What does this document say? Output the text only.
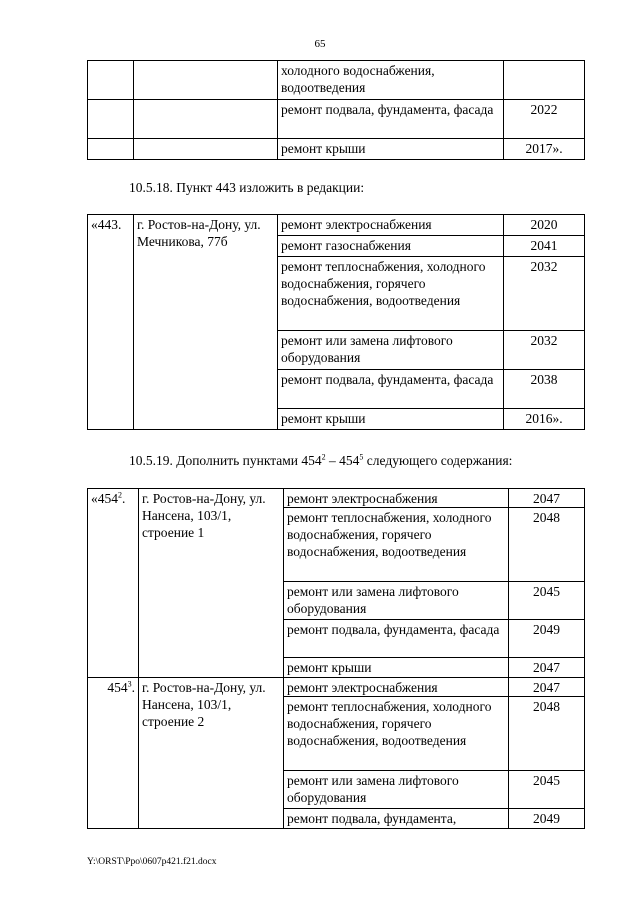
65
		холодного водоснабжения, водоотведения	
		ремонт подвала, фундамента, фасада	2022
		ремонт крыши	2017».
10.5.18. Пункт 443 изложить в редакции:
«443.	г. Ростов-на-Дону, ул. Мечникова, 77б	ремонт электроснабжения	2020
		ремонт газоснабжения	2041
		ремонт теплоснабжения, холодного водоснабжения, горячего водоснабжения, водоотведения	2032
		ремонт или замена лифтового оборудования	2032
		ремонт подвала, фундамента, фасада	2038
		ремонт крыши	2016».
10.5.19. Дополнить пунктами $454^2 - 454^5$ следующего содержания:
«$454^2$.	г. Ростов-на-Дону, ул. Нансена, 103/1, строение 1	ремонт электроснабжения	2047
		ремонт теплоснабжения, холодного водоснабжения, горячего водоснабжения, водоотведения	2048
		ремонт или замена лифтового оборудования	2045
		ремонт подвала, фундамента, фасада	2049
		ремонт крыши	2047
$454^3$.	г. Ростов-на-Дону, ул. Нансена, 103/1, строение 2	ремонт электроснабжения	2047
		ремонт теплоснабжения, холодного водоснабжения, горячего водоснабжения, водоотведения	2048
		ремонт или замена лифтового оборудования	2045
		ремонт подвала, фундамента,	2049
Y:\ORST\Ppo\0607p421.f21.docx
